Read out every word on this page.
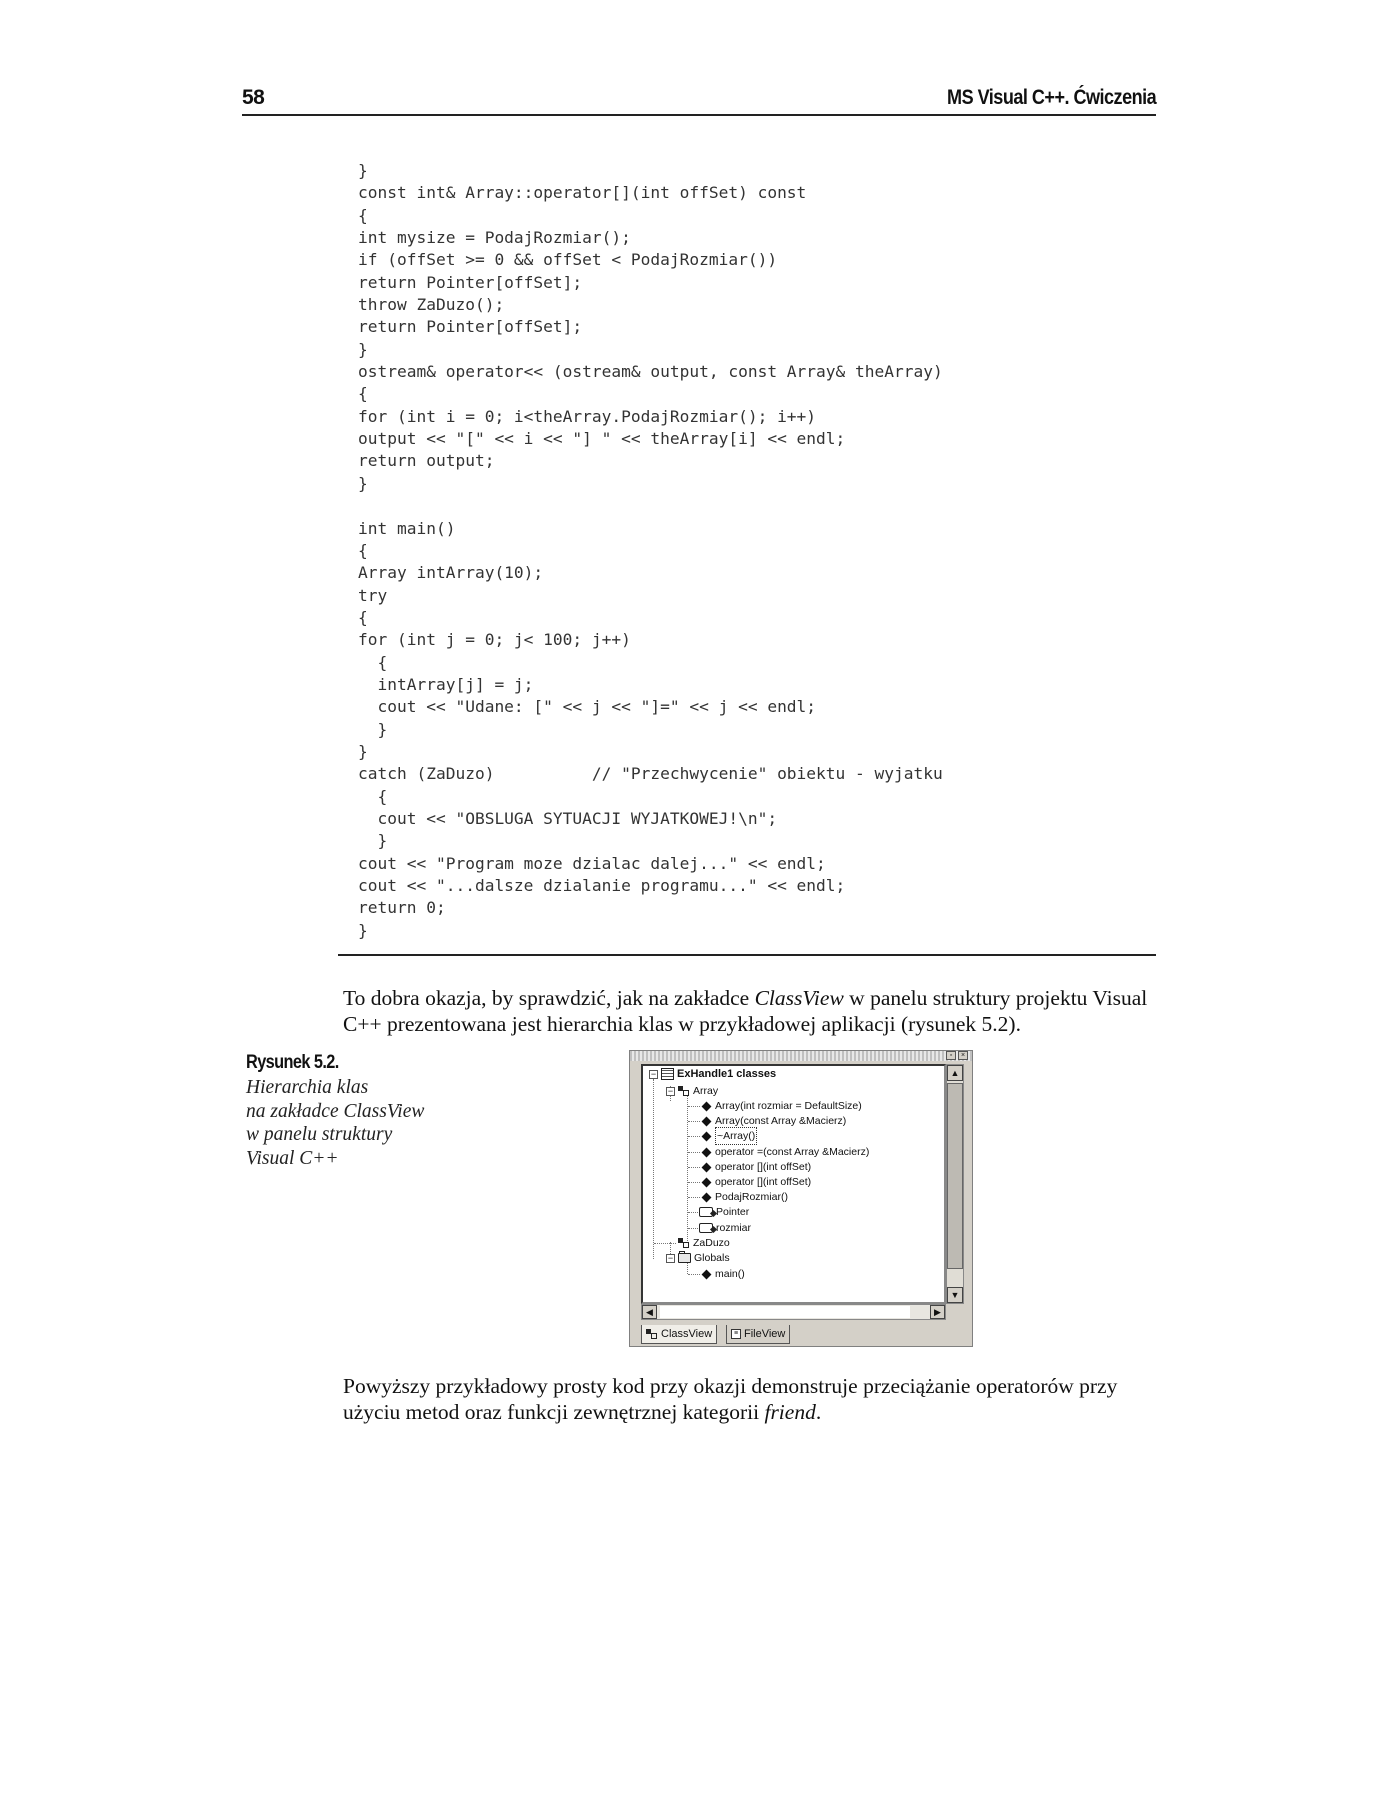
58	MS Visual C++. Ćwiczenia
}
const int& Array::operator[](int offSet) const
{
int mysize = PodajRozmiar();
if (offSet >= 0 && offSet < PodajRozmiar())
return Pointer[offSet];
throw ZaDuzo();
return Pointer[offSet];
}
ostream& operator<< (ostream& output, const Array& theArray)
{
for (int i = 0; i<theArray.PodajRozmiar(); i++)
output << "[" << i << "] " << theArray[i] << endl;
return output;
}

int main()
{
Array intArray(10);
try
{
for (int j = 0; j< 100; j++)
{
intArray[j] = j;
cout << "Udane: [" << j << "]=" << j << endl;
}
}
catch (ZaDuzo)          // "Przechwycenie" obiektu - wyjatku
{
cout << "OBSLUGA SYTUACJI WYJATKOWEJ!\n";
}
cout << "Program moze dzialac dalej..." << endl;
cout << "...dalsze dzialanie programu..." << endl;
return 0;
}

To dobra okazja, by sprawdzić, jak na zakładce ClassView w panelu struktury projektu Visual C++ prezentowana jest hierarchia klas w przykładowej aplikacji (rysunek 5.2).

Rysunek 5.2.
Hierarchia klas
na zakładce ClassView
w panelu struktury
Visual C++
▫	×
− ExHandle1 classes
− Array
Array(int rozmiar = DefaultSize)
Array(const Array &Macierz)
~Array()
operator =(const Array &Macierz)
operator [](int offSet)
operator [](int offSet)
PodajRozmiar()
Pointer
rozmiar
ZaDuzo
− Globals
main()
▲
▼
◀	▶
ClassView	≡ FileView

Powyższy przykładowy prosty kod przy okazji demonstruje przeciążanie operatorów przy użyciu metod oraz funkcji zewnętrznej kategorii friend.
